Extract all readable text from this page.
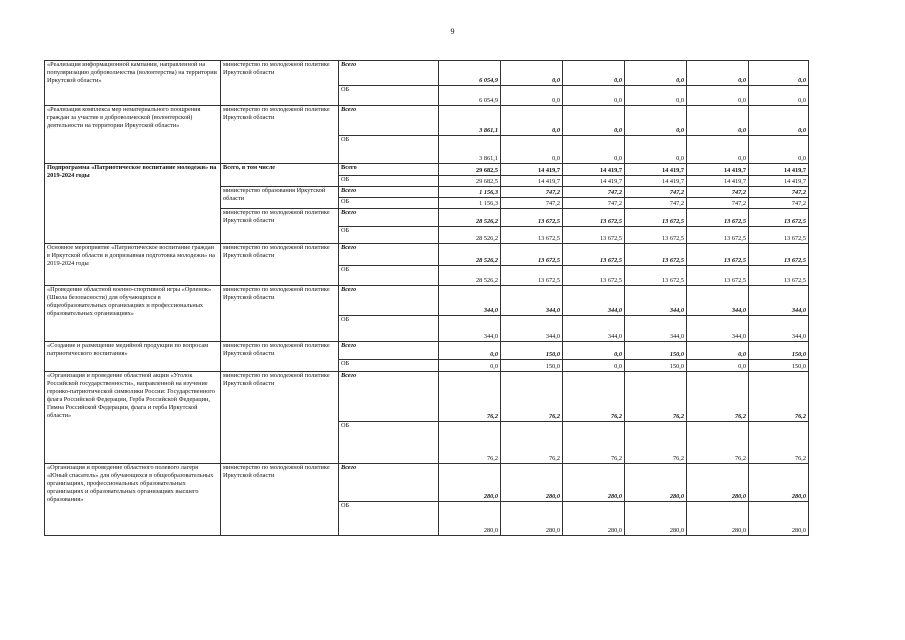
9
«Реализация информационной кампании, направленной на популяризацию добровольчества (волонтерства) на территории Иркутской области»	министерство по молодежной политике Иркутской области	Всего	6 054,9	0,0	0,0	0,0	0,0	0,0
		ОБ	6 054,9	0,0	0,0	0,0	0,0	0,0
«Реализация комплекса мер нематериального поощрения граждан за участие в добровольческой (волонтерской) деятельности на территории Иркутской области»	министерство по молодежной политике Иркутской области	Всего	3 861,1	0,0	0,0	0,0	0,0	0,0
		ОБ	3 861,1	0,0	0,0	0,0	0,0	0,0
Подпрограмма «Патриотическое воспитание молодежи» на 2019-2024 годы	Всего, в том числе	Всего	29 682,5	14 419,7	14 419,7	14 419,7	14 419,7	14 419,7
		ОБ	29 682,5	14 419,7	14 419,7	14 419,7	14 419,7	14 419,7
	министерство образования Иркутской области	Всего	1 156,3	747,2	747,2	747,2	747,2	747,2
		ОБ	1 156,3	747,2	747,2	747,2	747,2	747,2
	министерство по молодежной политике Иркутской области	Всего	28 526,2	13 672,5	13 672,5	13 672,5	13 672,5	13 672,5
		ОБ	28 526,2	13 672,5	13 672,5	13 672,5	13 672,5	13 672,5
Основное мероприятие «Патриотическое воспитание граждан в Иркутской области и допризывная подготовка молодежи» на 2019-2024 годы	министерство по молодежной политике Иркутской области	Всего	28 526,2	13 672,5	13 672,5	13 672,5	13 672,5	13 672,5
		ОБ	28 526,2	13 672,5	13 672,5	13 672,5	13 672,5	13 672,5
«Проведение областной военно-спортивной игры «Орленок» (Школа безопасности) для обучающихся в общеобразовательных организациях и профессиональных образовательных организациях»	министерство по молодежной политике Иркутской области	Всего	344,0	344,0	344,0	344,0	344,0	344,0
		ОБ	344,0	344,0	344,0	344,0	344,0	344,0
«Создание и размещение медийной продукции по вопросам патриотического воспитания»	министерство по молодежной политике Иркутской области	Всего	0,0	150,0	0,0	150,0	0,0	150,0
		ОБ	0,0	150,0	0,0	150,0	0,0	150,0
«Организация и проведение областной акции «Уголок Российской государственности», направленной на изучение героико-патриотической символики России: Государственного флага Российской Федерации, Герба Российской Федерации, Гимна Российской Федерации, флага и герба Иркутской области»	министерство по молодежной политике Иркутской области	Всего	76,2	76,2	76,2	76,2	76,2	76,2
		ОБ	76,2	76,2	76,2	76,2	76,2	76,2
«Организация и проведение областного полевого лагеря «Юный спасатель» для обучающихся в общеобразовательных организациях, профессиональных образовательных организациях и образовательных организациях высшего образования»	министерство по молодежной политике Иркутской области	Всего	280,0	280,0	280,0	280,0	280,0	280,0
		ОБ	280,0	280,0	280,0	280,0	280,0	280,0
